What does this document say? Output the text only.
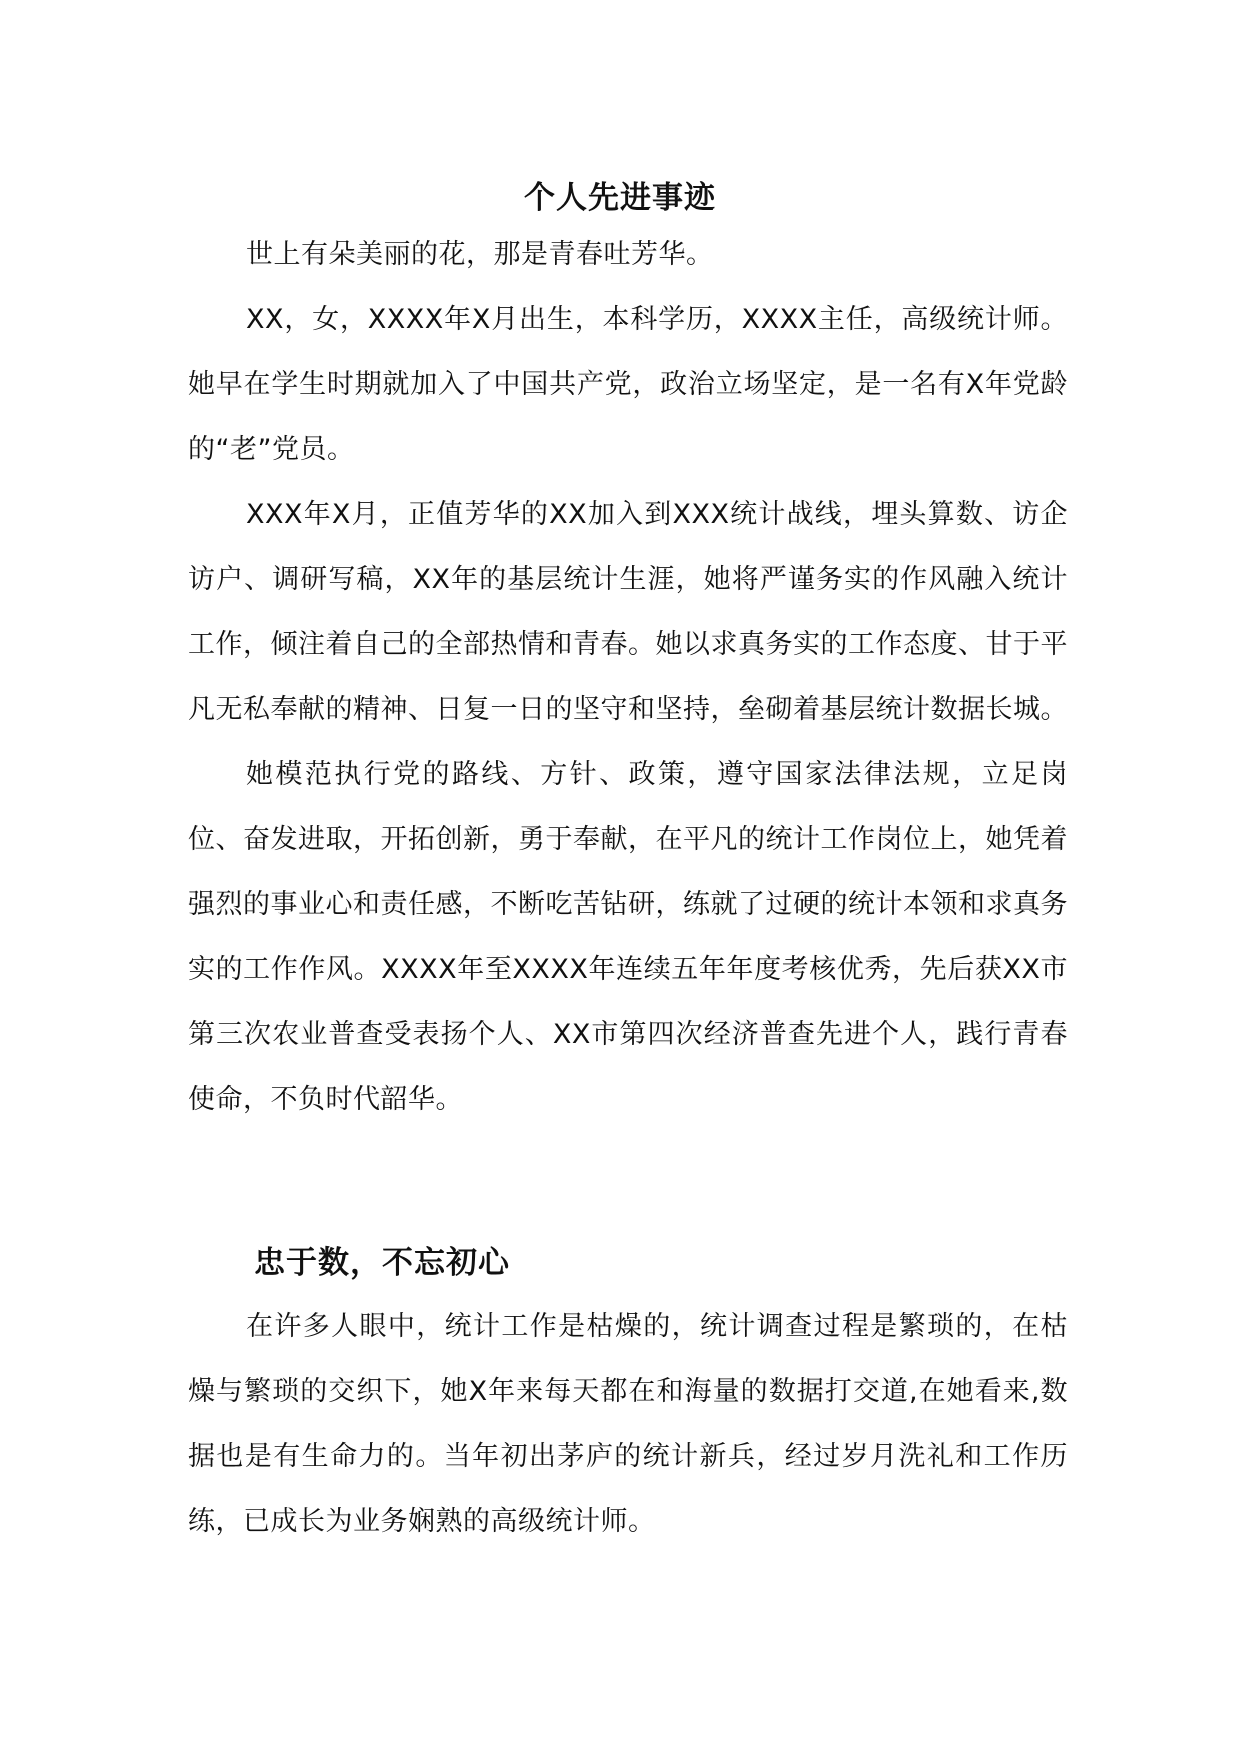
个人先进事迹

世上有朵美丽的花，那是青春吐芳华。

XX，女，XXXX年X月出生，本科学历，XXXX主任，高级统计师。她早在学生时期就加入了中国共产党，政治立场坚定，是一名有X年党龄的“老”党员。

XXX年X月，正值芳华的XX加入到XXX统计战线，埋头算数、访企访户、调研写稿，XX年的基层统计生涯，她将严谨务实的作风融入统计工作，倾注着自己的全部热情和青春。她以求真务实的工作态度、甘于平凡无私奉献的精神、日复一日的坚守和坚持，垒砌着基层统计数据长城。

她模范执行党的路线、方针、政策，遵守国家法律法规，立足岗位、奋发进取，开拓创新，勇于奉献，在平凡的统计工作岗位上，她凭着强烈的事业心和责任感，不断吃苦钻研，练就了过硬的统计本领和求真务实的工作作风。XXXX年至XXXX年连续五年年度考核优秀，先后获XX市第三次农业普查受表扬个人、XX市第四次经济普查先进个人，践行青春使命，不负时代韶华。

忠于数，不忘初心

在许多人眼中，统计工作是枯燥的，统计调查过程是繁琐的，在枯燥与繁琐的交织下，她X年来每天都在和海量的数据打交道,在她看来,数据也是有生命力的。当年初出茅庐的统计新兵，经过岁月洗礼和工作历练，已成长为业务娴熟的高级统计师。
